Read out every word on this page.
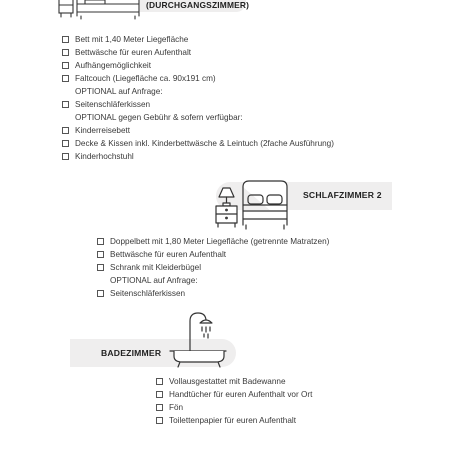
(DURCHGANGSZIMMER)
Bett mit 1,40 Meter Liegefläche
Bettwäsche für euren Aufenthalt
Aufhängemöglichkeit
Faltcouch (Liegefläche ca. 90x191 cm)
OPTIONAL auf Anfrage:
Seitenschläferkissen
OPTIONAL gegen Gebühr & sofern verfügbar:
Kinderreisebett
Decke & Kissen inkl. Kinderbettwäsche & Leintuch (2fache Ausführung)
Kinderhochstuhl
SCHLAFZIMMER 2
Doppelbett mit 1,80 Meter Liegefläche (getrennte Matratzen)
Bettwäsche für euren Aufenthalt
Schrank mit Kleiderbügel
OPTIONAL auf Anfrage:
Seitenschläferkissen
BADEZIMMER
Vollausgestattet mit Badewanne
Handtücher für euren Aufenthalt vor Ort
Fön
Toilettenpapier für euren Aufenthalt
